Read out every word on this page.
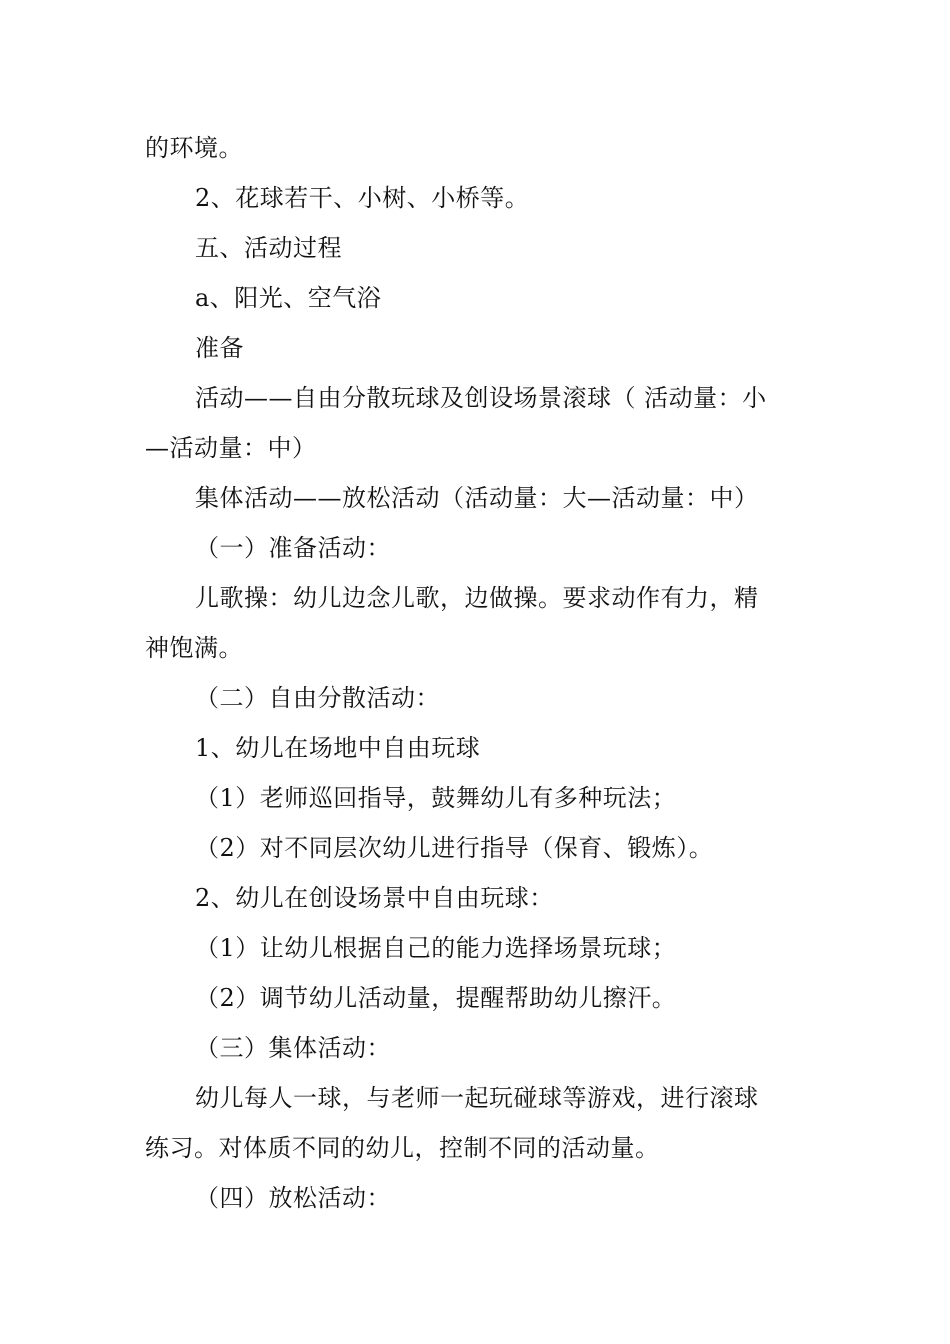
的环境。
2、花球若干、小树、小桥等。
五、活动过程
a、阳光、空气浴
准备
活动——自由分散玩球及创设场景滚球（ 活动量：小
—活动量：中）
集体活动——放松活动（活动量：大—活动量：中）
（一）准备活动：
儿歌操：幼儿边念儿歌，边做操。要求动作有力，精
神饱满。
（二）自由分散活动：
1、幼儿在场地中自由玩球
（1）老师巡回指导，鼓舞幼儿有多种玩法；
（2）对不同层次幼儿进行指导（保育、锻炼）。
2、幼儿在创设场景中自由玩球：
（1）让幼儿根据自己的能力选择场景玩球；
（2）调节幼儿活动量，提醒帮助幼儿擦汗。
（三）集体活动：
幼儿每人一球，与老师一起玩碰球等游戏，进行滚球
练习。对体质不同的幼儿，控制不同的活动量。
（四）放松活动：
